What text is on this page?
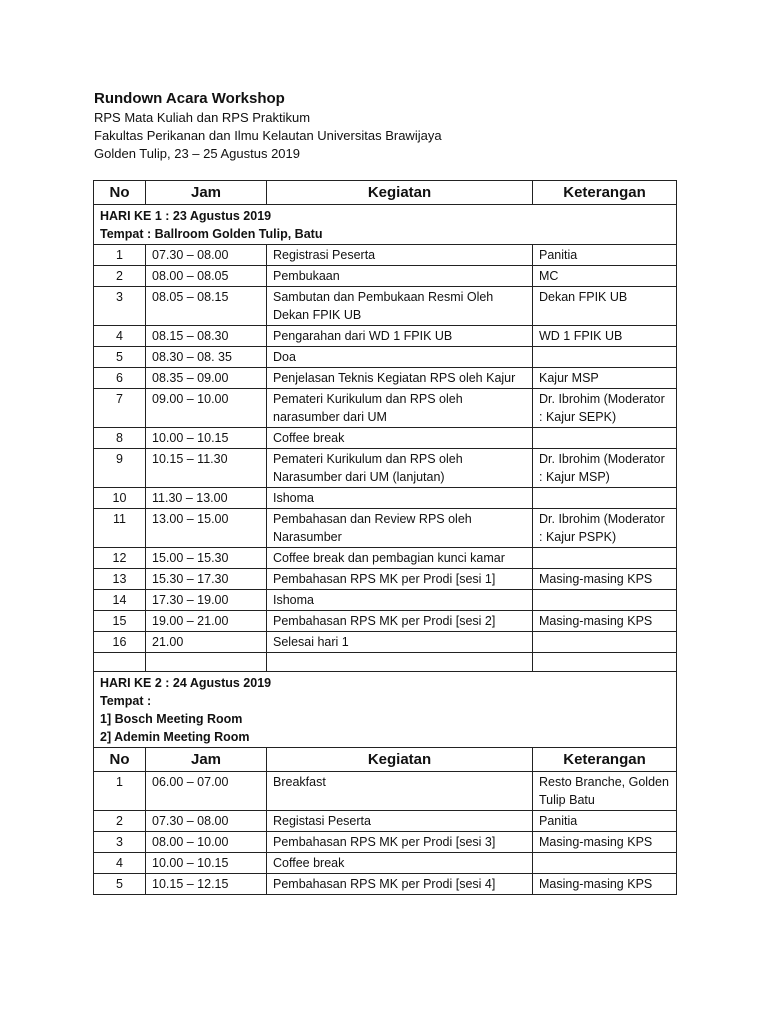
Rundown Acara Workshop

RPS Mata Kuliah dan RPS Praktikum

Fakultas Perikanan dan Ilmu Kelautan Universitas Brawijaya

Golden Tulip, 23 – 25 Agustus 2019

No	Jam	Kegiatan	Keterangan

HARI KE 1 : 23 Agustus 2019
Tempat : Ballroom Golden Tulip, Batu			

1	07.30 – 08.00	Registrasi Peserta	Panitia
2	08.00 – 08.05	Pembukaan	MC
3	08.05 – 08.15	Sambutan dan Pembukaan Resmi Oleh Dekan FPIK UB	Dekan FPIK UB
4	08.15 – 08.30	Pengarahan dari WD 1 FPIK UB	WD 1 FPIK UB
5	08.30 – 08. 35	Doa	
6	08.35 – 09.00	Penjelasan Teknis Kegiatan RPS oleh Kajur	Kajur MSP
7	09.00 – 10.00	Pemateri Kurikulum dan RPS oleh narasumber dari UM	Dr. Ibrohim (Moderator : Kajur SEPK)
8	10.00 – 10.15	Coffee break	
9	10.15 – 11.30	Pemateri Kurikulum dan RPS oleh Narasumber dari UM (lanjutan)	Dr. Ibrohim (Moderator : Kajur MSP)
10	11.30 – 13.00	Ishoma	
11	13.00 – 15.00	Pembahasan dan Review RPS oleh Narasumber	Dr. Ibrohim (Moderator : Kajur PSPK)
12	15.00 – 15.30	Coffee break dan pembagian kunci kamar	
13	15.30 – 17.30	Pembahasan RPS MK per Prodi [sesi 1]	Masing-masing KPS
14	17.30 – 19.00	Ishoma	
15	19.00 – 21.00	Pembahasan RPS MK per Prodi [sesi 2]	Masing-masing KPS
16	21.00	Selesai hari 1	

HARI KE 2 : 24 Agustus 2019
Tempat :
1] Bosch Meeting Room
2] Ademin Meeting Room			

No	Jam	Kegiatan	Keterangan
1	06.00 – 07.00	Breakfast	Resto Branche, Golden Tulip Batu
2	07.30 – 08.00	Registasi Peserta	Panitia
3	08.00 – 10.00	Pembahasan RPS MK per Prodi [sesi 3]	Masing-masing KPS
4	10.00 – 10.15	Coffee break	
5	10.15 – 12.15	Pembahasan RPS MK per Prodi [sesi 4]	Masing-masing KPS
